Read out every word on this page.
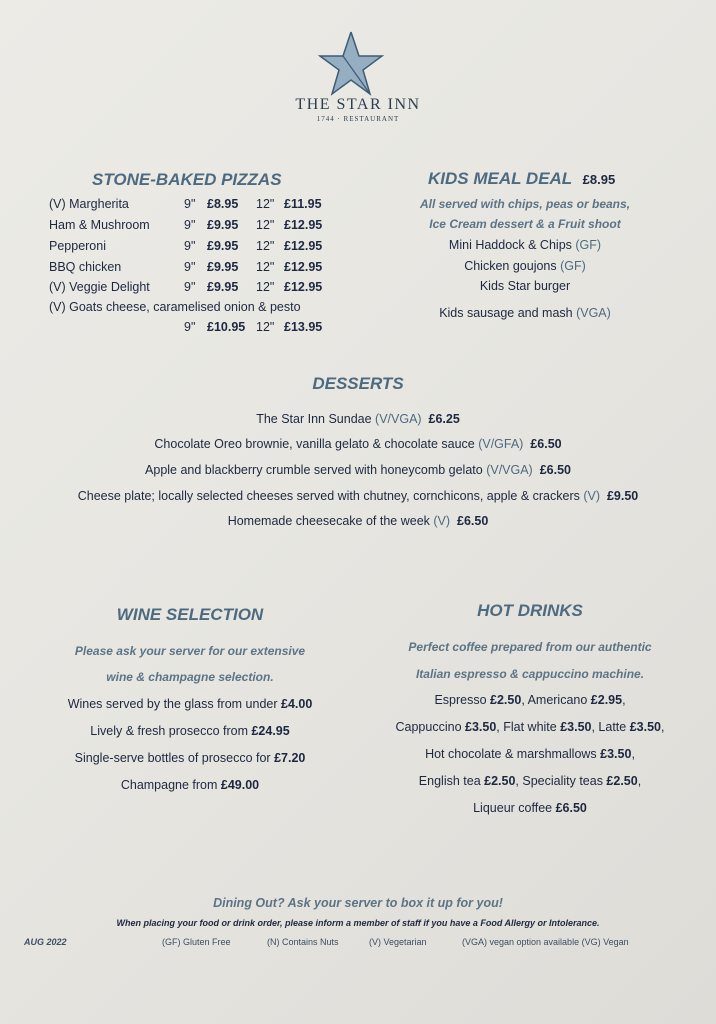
THE STAR INN
1744 · RESTAURANT
STONE-BAKED PIZZAS
(V) Margherita	9" £8.95 12" £11.95
Ham & Mushroom	9" £9.95 12" £12.95
Pepperoni	9" £9.95 12" £12.95
BBQ chicken	9" £9.95 12" £12.95
(V) Veggie Delight	9" £9.95 12" £12.95
(V) Goats cheese, caramelised onion & pesto
9" £10.95 12" £13.95
KIDS MEAL DEAL £8.95
All served with chips, peas or beans,
Ice Cream dessert & a Fruit shoot
Mini Haddock & Chips (GF)
Chicken goujons (GF)
Kids Star burger
Kids sausage and mash (VGA)
DESSERTS
The Star Inn Sundae (V/VGA) £6.25
Chocolate Oreo brownie, vanilla gelato & chocolate sauce (V/GFA) £6.50
Apple and blackberry crumble served with honeycomb gelato (V/VGA) £6.50
Cheese plate; locally selected cheeses served with chutney, cornchicons, apple & crackers (V) £9.50
Homemade cheesecake of the week (V) £6.50
WINE SELECTION
Please ask your server for our extensive
wine & champagne selection.
Wines served by the glass from under £4.00
Lively & fresh prosecco from £24.95
Single-serve bottles of prosecco for £7.20
Champagne from £49.00
HOT DRINKS
Perfect coffee prepared from our authentic
Italian espresso & cappuccino machine.
Espresso £2.50, Americano £2.95,
Cappuccino £3.50, Flat white £3.50, Latte £3.50,
Hot chocolate & marshmallows £3.50,
English tea £2.50, Speciality teas £2.50,
Liqueur coffee £6.50
Dining Out? Ask your server to box it up for you!
When placing your food or drink order, please inform a member of staff if you have a Food Allergy or Intolerance.
AUG 2022	(GF) Gluten Free	(N) Contains Nuts	(V) Vegetarian	(VGA) vegan option available (VG) Vegan
